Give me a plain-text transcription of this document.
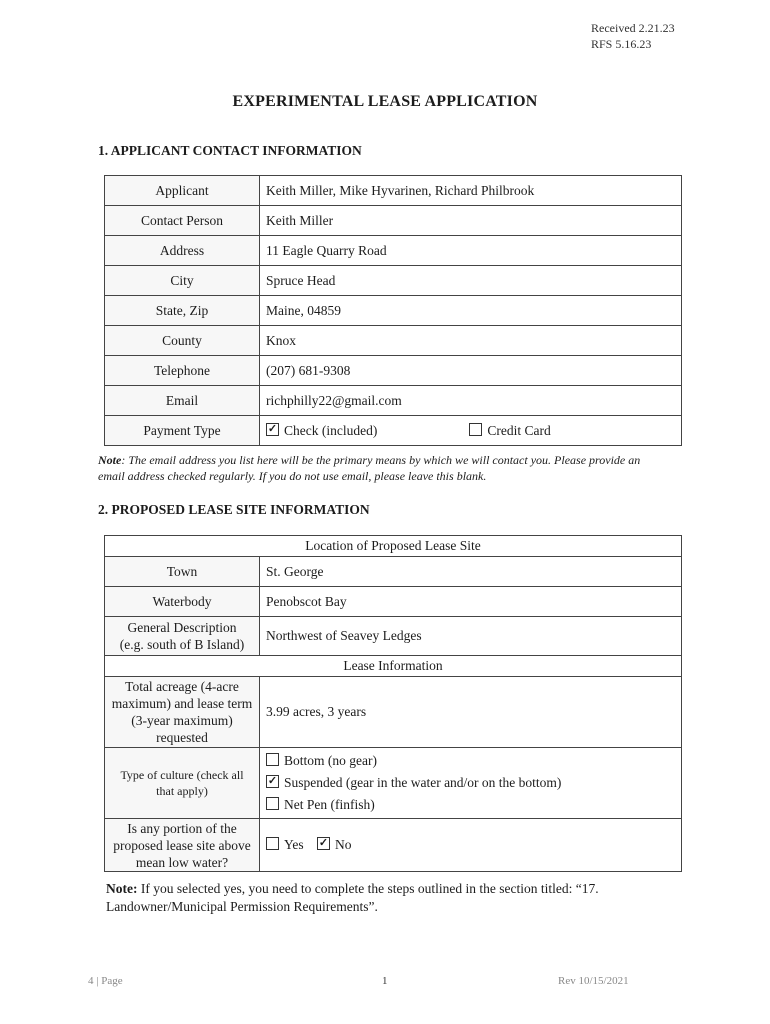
Received 2.21.23
RFS 5.16.23
EXPERIMENTAL LEASE APPLICATION
1. APPLICANT CONTACT INFORMATION
Applicant	Keith Miller, Mike Hyvarinen, Richard Philbrook
Contact Person	Keith Miller
Address	11 Eagle Quarry Road
City	Spruce Head
State, Zip	Maine, 04859
County	Knox
Telephone	(207) 681-9308
Email	richphilly22@gmail.com
Payment Type	✓Check (included) Credit Card
Note: The email address you list here will be the primary means by which we will contact you. Please provide an email address checked regularly. If you do not use email, please leave this blank.
2. PROPOSED LEASE SITE INFORMATION
Location of Proposed Lease Site	
Town	St. George
Waterbody	Penobscot Bay

General Description
(e.g. south of B Island)	Northwest of Seavey Ledges
Lease Information	
Total acreage (4-acre maximum) and lease term (3-year maximum) requested	3.99 acres, 3 years
Type of culture (check all that apply)	Bottom (no gear)
✓Suspended (gear in the water and/or on the bottom)
Net Pen (finfish)

Is any portion of the proposed lease site above mean low water?	Yes ✓ No
Note: If you selected yes, you need to complete the steps outlined in the section titled: “17. Landowner/Municipal Permission Requirements”.
4 | Page	1	Rev 10/15/2021
